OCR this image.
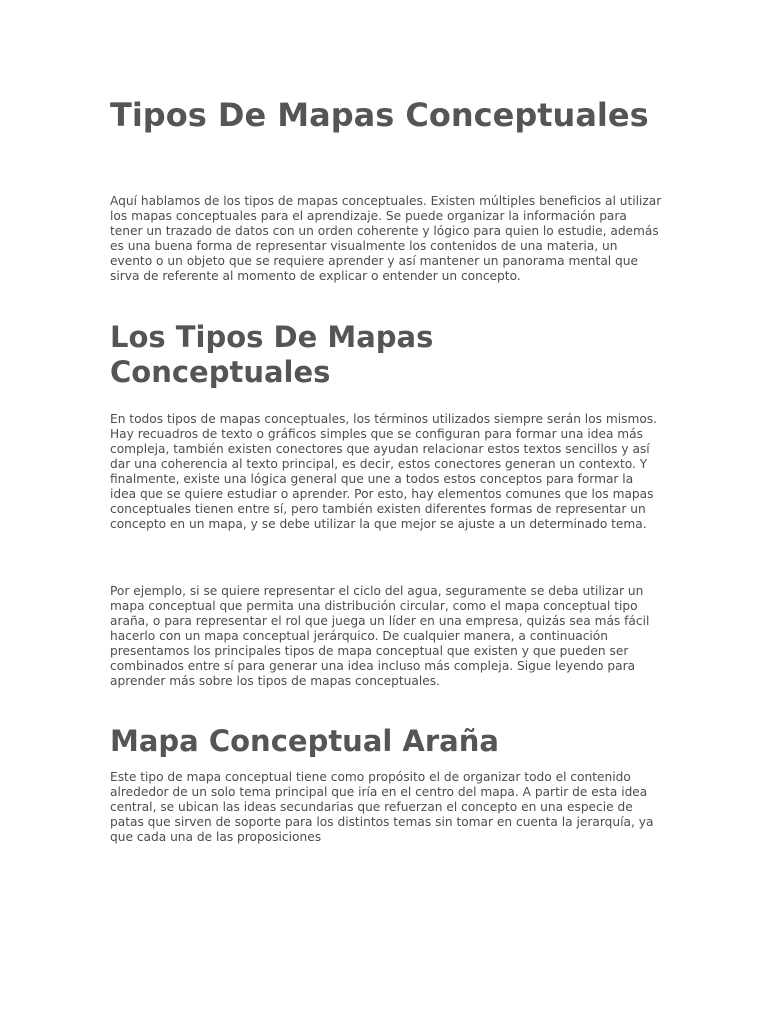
Tipos De Mapas Conceptuales

Aquí hablamos de los tipos de mapas conceptuales. Existen múltiples beneficios al utilizar los mapas conceptuales para el aprendizaje. Se puede organizar la información para tener un trazado de datos con un orden coherente y lógico para quien lo estudie, además es una buena forma de representar visualmente los contenidos de una materia, un evento o un objeto que se requiere aprender y así mantener un panorama mental que sirva de referente al momento de explicar o entender un concepto.

Los Tipos De Mapas Conceptuales

En todos tipos de mapas conceptuales, los términos utilizados siempre serán los mismos. Hay recuadros de texto o gráficos simples que se configuran para formar una idea más compleja, también existen conectores que ayudan relacionar estos textos sencillos y así dar una coherencia al texto principal, es decir, estos conectores generan un contexto. Y finalmente, existe una lógica general que une a todos estos conceptos para formar la idea que se quiere estudiar o aprender. Por esto, hay elementos comunes que los mapas conceptuales tienen entre sí, pero también existen diferentes formas de representar un concepto en un mapa, y se debe utilizar la que mejor se ajuste a un determinado tema.

Por ejemplo, si se quiere representar el ciclo del agua, seguramente se deba utilizar un mapa conceptual que permita una distribución circular, como el mapa conceptual tipo araña, o para representar el rol que juega un líder en una empresa, quizás sea más fácil hacerlo con un mapa conceptual jerárquico. De cualquier manera, a continuación presentamos los principales tipos de mapa conceptual que existen y que pueden ser combinados entre sí para generar una idea incluso más compleja. Sigue leyendo para aprender más sobre los tipos de mapas conceptuales.

Mapa Conceptual Araña

Este tipo de mapa conceptual tiene como propósito el de organizar todo el contenido alrededor de un solo tema principal que iría en el centro del mapa. A partir de esta idea central, se ubican las ideas secundarias que refuerzan el concepto en una especie de patas que sirven de soporte para los distintos temas sin tomar en cuenta la jerarquía, ya que cada una de las proposiciones
